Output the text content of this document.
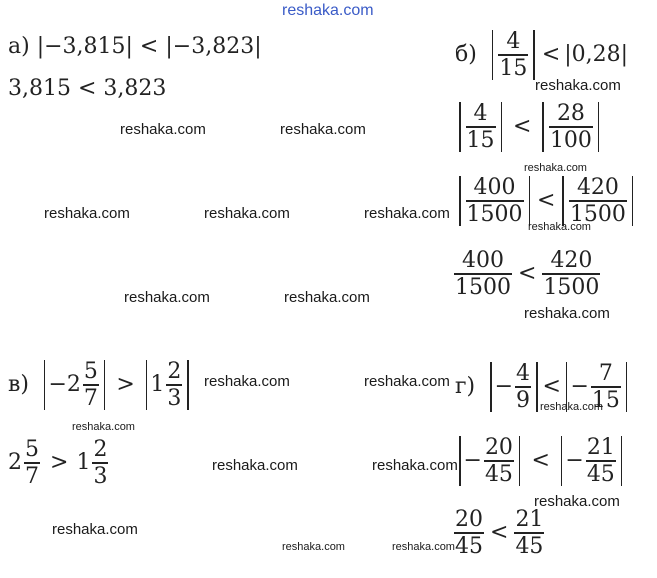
reshaka.com
а) |−3,815| < |−3,823|
3,815 < 3,823
$б) \frac{4}{15} < |0,28|$
$\frac{4}{15} < \frac{28}{100}$
$\frac{400}{1500} < \frac{420}{1500}$
$\frac{400}{1500} < \frac{420}{1500}$
$в) - 2 \frac{5}{7} > 1 \frac{2}{3}$
$2 \frac{5}{7} > 1 \frac{2}{3}$
$г) - \frac{4}{9}$ < − $\frac{7}{15}$
− $\frac{20}{45}$ < − $\frac{21}{45}$
$\frac{20}{45} < \frac{21}{45}$
reshaka.com	reshaka.com
reshaka.com
reshaka.com
reshaka.com	reshaka.com	reshaka.com
reshaka.com
reshaka.com	reshaka.com
reshaka.com
reshaka.com	reshaka.com
reshaka.com
reshaka.com
reshaka.com	reshaka.com
reshaka.com
reshaka.com
reshaka.com	reshaka.com
